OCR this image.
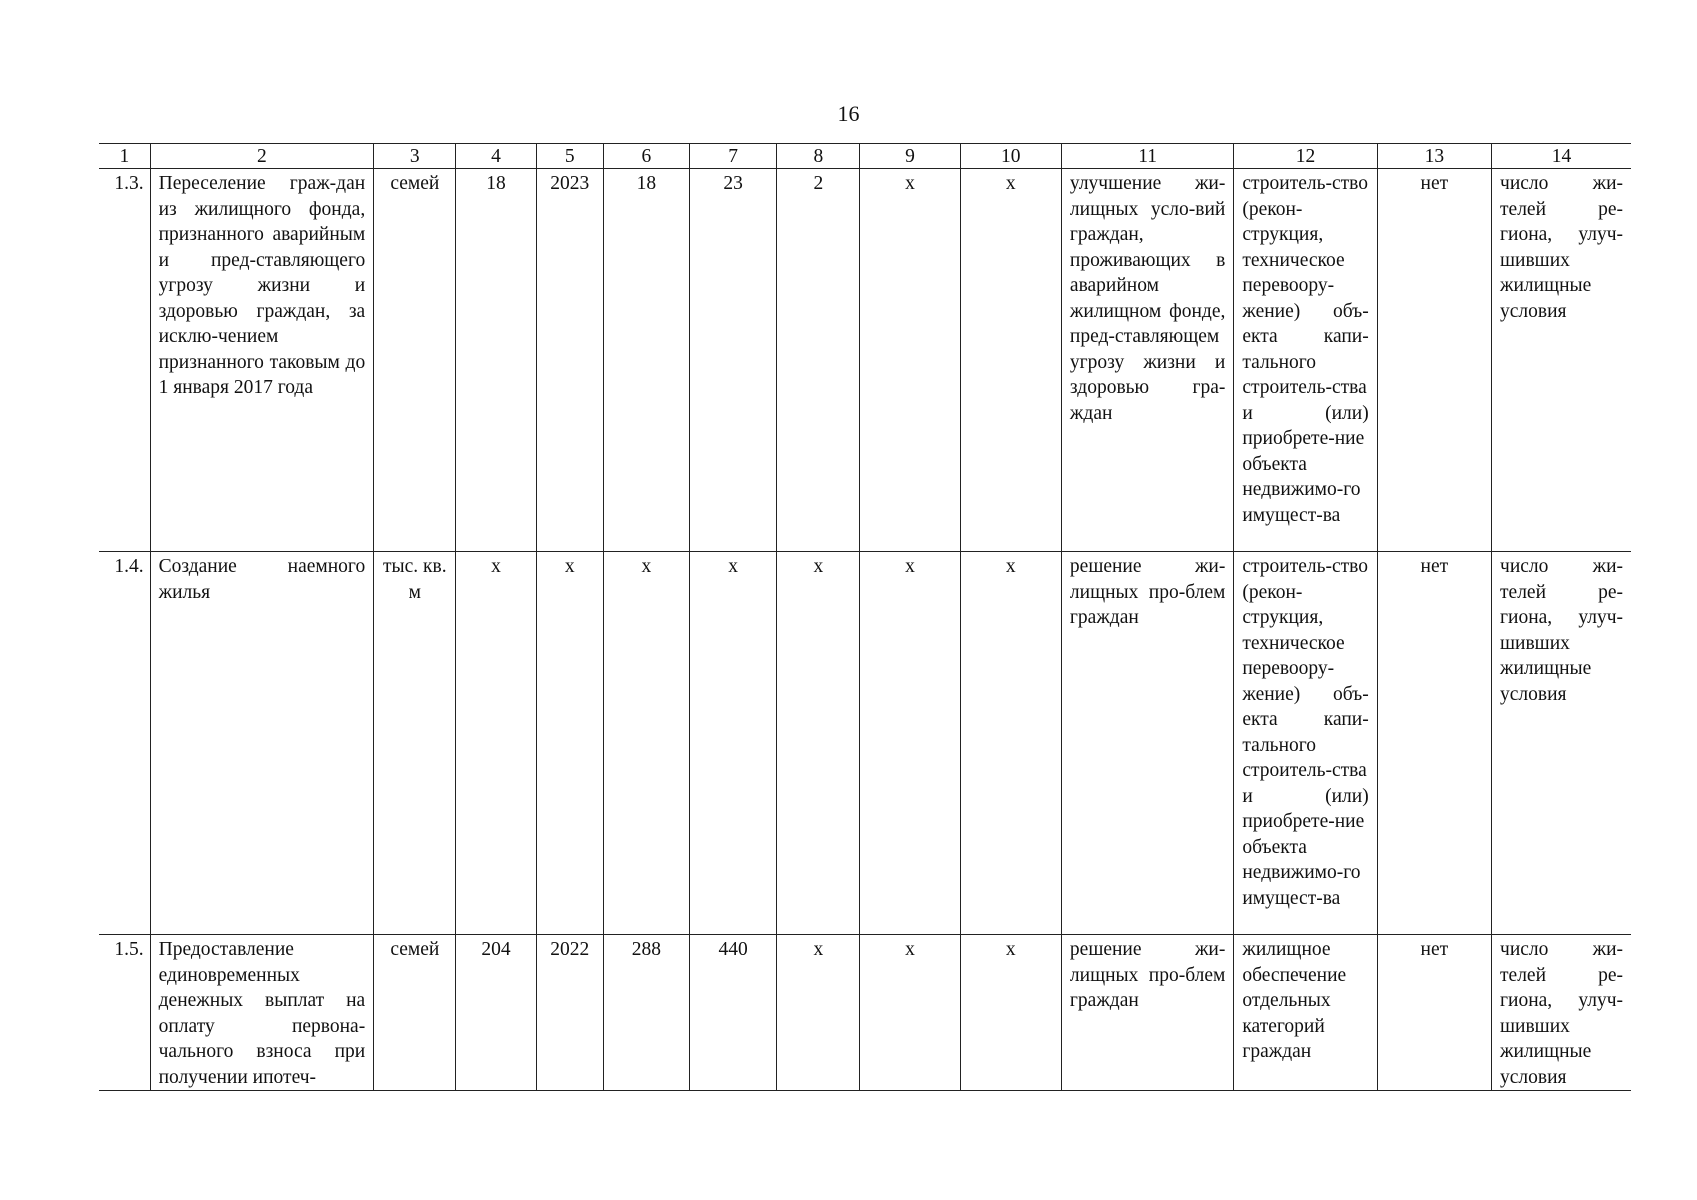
16
1	2	3	4	5	6	7	8	9	10	11	12	13	14
1.3.	Переселение граж-дан из жилищного фонда, признанного аварийным и пред-ставляющего угрозу жизни и здоровью граждан, за исклю-чением признанного таковым до 1 января 2017 года	семей	18	2023	18	23	2	х	х	улучшение жи-лищных усло-вий граждан, проживающих в аварийном жилищном фонде, пред-ставляющем угрозу жизни и здоровью гра-ждан	строитель-ство (рекон-струкция, техническое перевоору-жение) объ-екта капи-тального строитель-ства и (или) приобрете-ние объекта недвижимо-го имущест-ва	нет	число жи-телей ре-гиона, улуч-шивших жилищные условия
1.4.	Создание наемного жилья	тыс. кв. м	х	х	х	х	х	х	х	решение жи-лищных про-блем граждан	строитель-ство (рекон-струкция, техническое перевоору-жение) объ-екта капи-тального строитель-ства и (или) приобрете-ние объекта недвижимо-го имущест-ва	нет	число жи-телей ре-гиона, улуч-шивших жилищные условия
1.5.	Предоставление единовременных денежных выплат на оплату первона-чального взноса при получении ипотеч-	семей	204	2022	288	440	х	х	х	решение жи-лищных про-блем граждан	жилищное обеспечение отдельных категорий граждан	нет	число жи-телей ре-гиона, улуч-шивших жилищные условия
